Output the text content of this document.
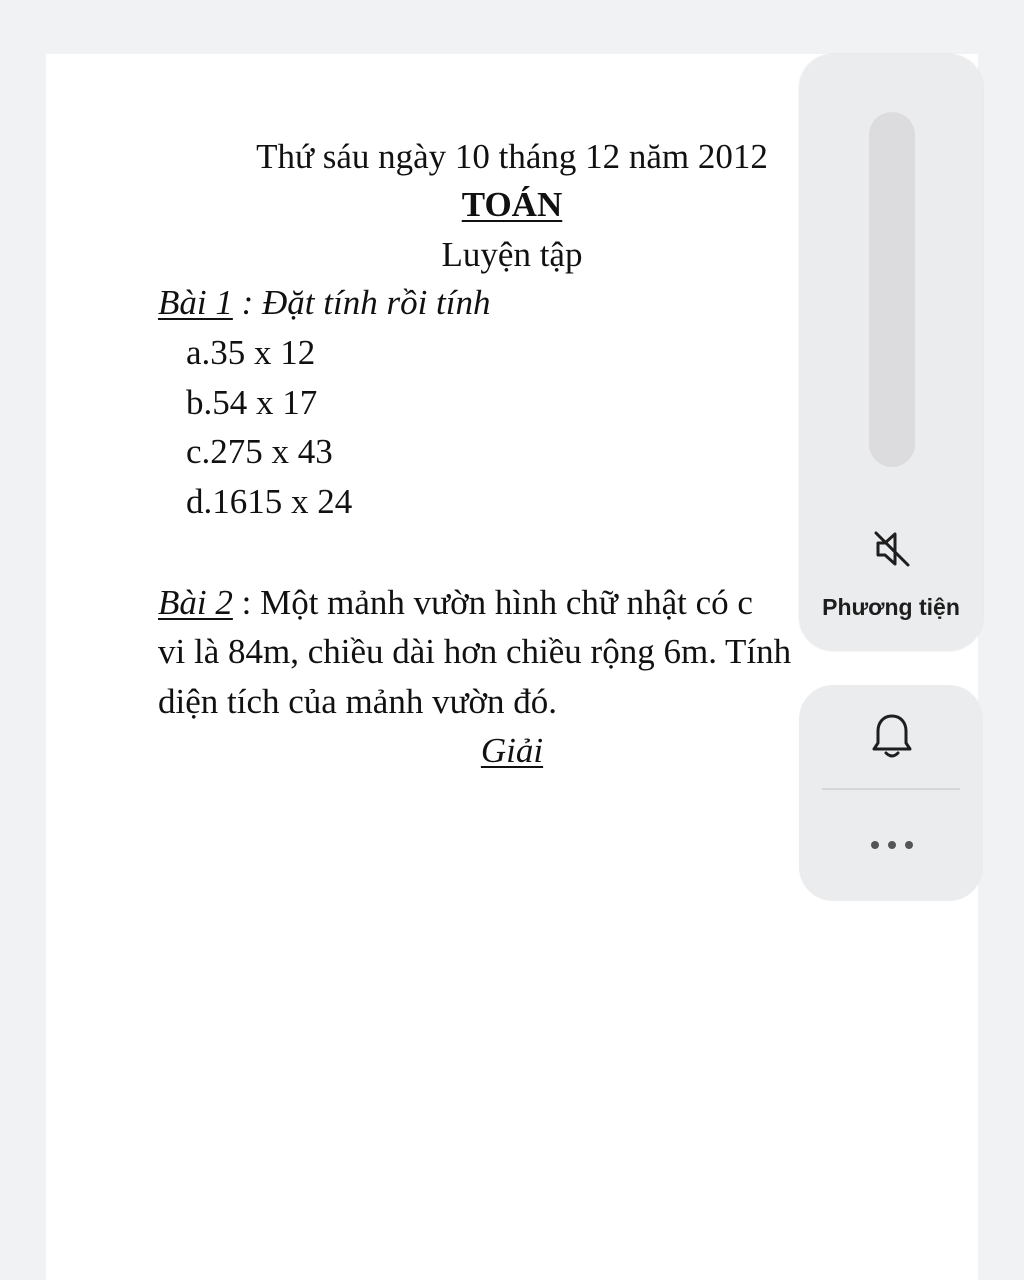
Thứ sáu ngày 10 tháng 12 năm 2012
TOÁN
Luyện tập
Bài 1 : Đặt tính rồi tính
a.35 x 12
b.54 x 17
c.275 x 43
d.1615 x 24
Bài 2 : Một mảnh vườn hình chữ nhật có c
vi là 84m, chiều dài hơn chiều rộng 6m. Tính
diện tích của mảnh vườn đó.
Giải
Phương tiện
